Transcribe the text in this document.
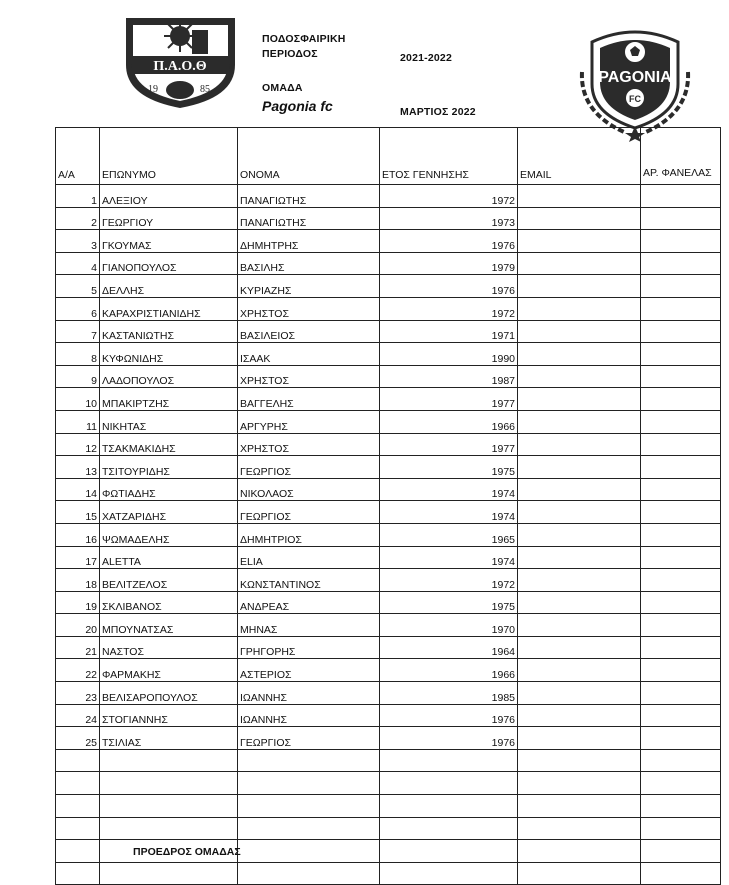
Π.Α.Ο.Θ
19	85
ΠΟΔΟΣΦΑΙΡΙΚΗ
ΠΕΡΙΟΔΟΣ	2021-2022
ΟΜΑΔΑ
Pagonia fc	ΜΑΡΤΙΟΣ 2022
PAGONIA
FC
Α/Α	ΕΠΩΝΥΜΟ	ΟΝΟΜΑ	ΕΤΟΣ ΓΕΝΝΗΣΗΣ	EMAIL	ΑΡ. ΦΑΝΕΛΑΣ
1	ΑΛΕΞΙΟΥ	ΠΑΝΑΓΙΩΤΗΣ	1972		
2	ΓΕΩΡΓΙΟΥ	ΠΑΝΑΓΙΩΤΗΣ	1973		
3	ΓΚΟΥΜΑΣ	ΔΗΜΗΤΡΗΣ	1976		
4	ΓΙΑΝΟΠΟΥΛΟΣ	ΒΑΣΙΛΗΣ	1979		
5	ΔΕΛΛΗΣ	ΚΥΡΙΑΖΗΣ	1976		
6	ΚΑΡΑΧΡΙΣΤΙΑΝΙΔΗΣ	ΧΡΗΣΤΟΣ	1972		
7	ΚΑΣΤΑΝΙΩΤΗΣ	ΒΑΣΙΛΕΙΟΣ	1971		
8	ΚΥΦΩΝΙΔΗΣ	ΙΣΑΑΚ	1990		
9	ΛΑΔΟΠΟΥΛΟΣ	ΧΡΗΣΤΟΣ	1987		
10	ΜΠΑΚΙΡΤΖΗΣ	ΒΑΓΓΕΛΗΣ	1977		
11	ΝΙΚΗΤΑΣ	ΑΡΓΥΡΗΣ	1966		
12	ΤΣΑΚΜΑΚΙΔΗΣ	ΧΡΗΣΤΟΣ	1977		
13	ΤΣΙΤΟΥΡΙΔΗΣ	ΓΕΩΡΓΙΟΣ	1975		
14	ΦΩΤΙΑΔΗΣ	ΝΙΚΟΛΑΟΣ	1974		
15	ΧΑΤΖΑΡΙΔΗΣ	ΓΕΩΡΓΙΟΣ	1974		
16	ΨΩΜΑΔΕΛΗΣ	ΔΗΜΗΤΡΙΟΣ	1965		
17	ALETTA	ELIA	1974		
18	ΒΕΛΙΤΖΕΛΟΣ	ΚΩΝΣΤΑΝΤΙΝΟΣ	1972		
19	ΣΚΛΙΒΑΝΟΣ	ΑΝΔΡΕΑΣ	1975		
20	ΜΠΟΥΝΑΤΣΑΣ	ΜΗΝΑΣ	1970		
21	ΝΑΣΤΟΣ	ΓΡΗΓΟΡΗΣ	1964		
22	ΦΑΡΜΑΚΗΣ	ΑΣΤΕΡΙΟΣ	1966		
23	ΒΕΛΙΣΑΡΟΠΟΥΛΟΣ	ΙΩΑΝΝΗΣ	1985		
24	ΣΤΟΓΙΑΝΝΗΣ	ΙΩΑΝΝΗΣ	1976		
25	ΤΣΙΛΙΑΣ	ΓΕΩΡΓΙΟΣ	1976		

ΠΡΟΕΔΡΟΣ ΟΜΑΔΑΣ
